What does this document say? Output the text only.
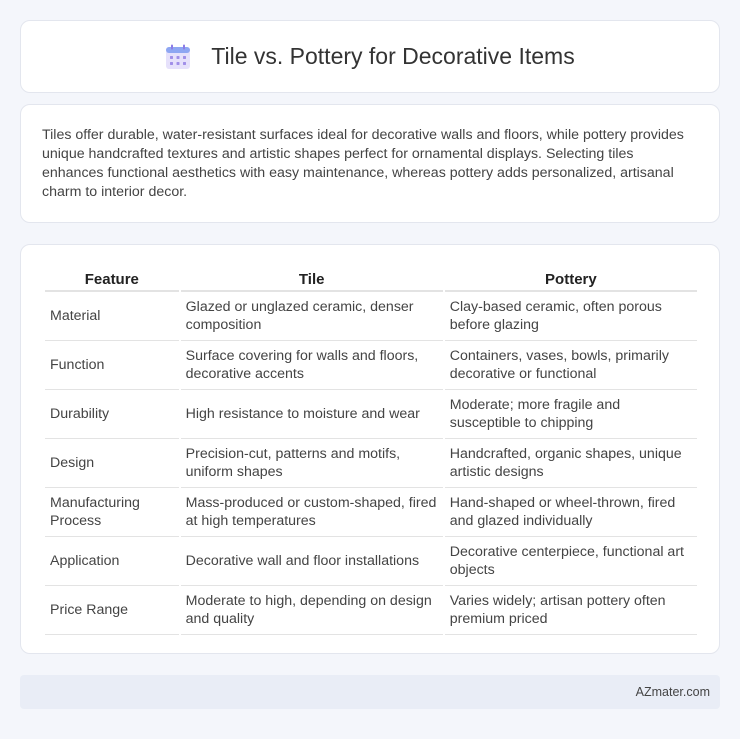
Tile vs. Pottery for Decorative Items

Tiles offer durable, water-resistant surfaces ideal for decorative walls and floors, while pottery provides unique handcrafted textures and artistic shapes perfect for ornamental displays. Selecting tiles enhances functional aesthetics with easy maintenance, whereas pottery adds personalized, artisanal charm to interior decor.

Feature	Tile	Pottery
Material	Glazed or unglazed ceramic, denser composition	Clay-based ceramic, often porous before glazing
Function	Surface covering for walls and floors, decorative accents	Containers, vases, bowls, primarily decorative or functional
Durability	High resistance to moisture and wear	Moderate; more fragile and susceptible to chipping
Design	Precision-cut, patterns and motifs, uniform shapes	Handcrafted, organic shapes, unique artistic designs
Manufacturing Process	Mass-produced or custom-shaped, fired at high temperatures	Hand-shaped or wheel-thrown, fired and glazed individually
Application	Decorative wall and floor installations	Decorative centerpiece, functional art objects
Price Range	Moderate to high, depending on design and quality	Varies widely; artisan pottery often premium priced
AZmater.com
